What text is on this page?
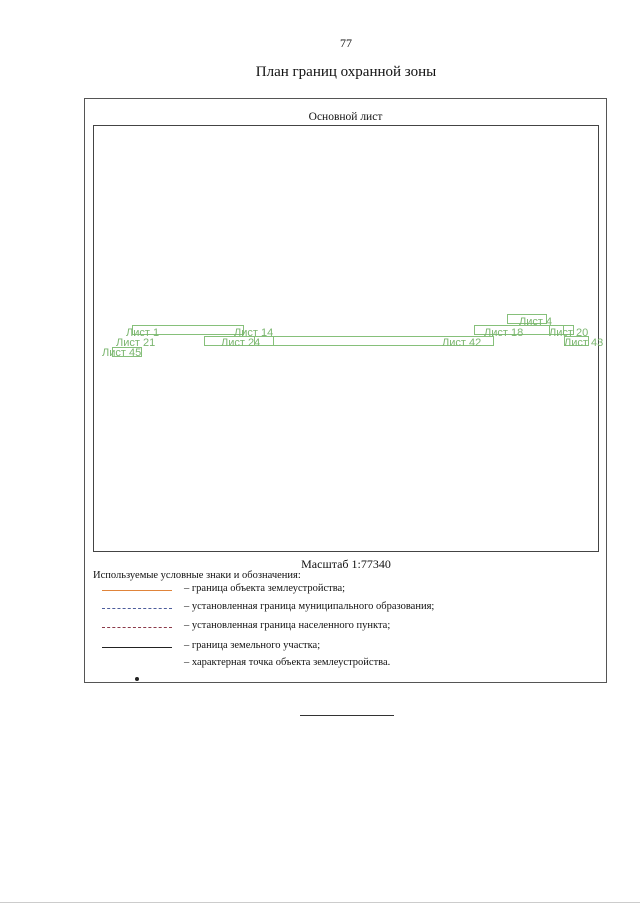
77
План границ охранной зоны
Основной лист
Лист 4
Лист 1	Лист 14	Лист 18 Лист 20
Лист 21	Лист 24	Лист 42	Лист 43
Лист 45
Масштаб 1:77340
Используемые условные знаки и обозначения:
– граница объекта землеустройства;
– установленная граница муниципального образования;
– установленная граница населенного пункта;
– граница земельного участка;
– характерная точка объекта землеустройства.
